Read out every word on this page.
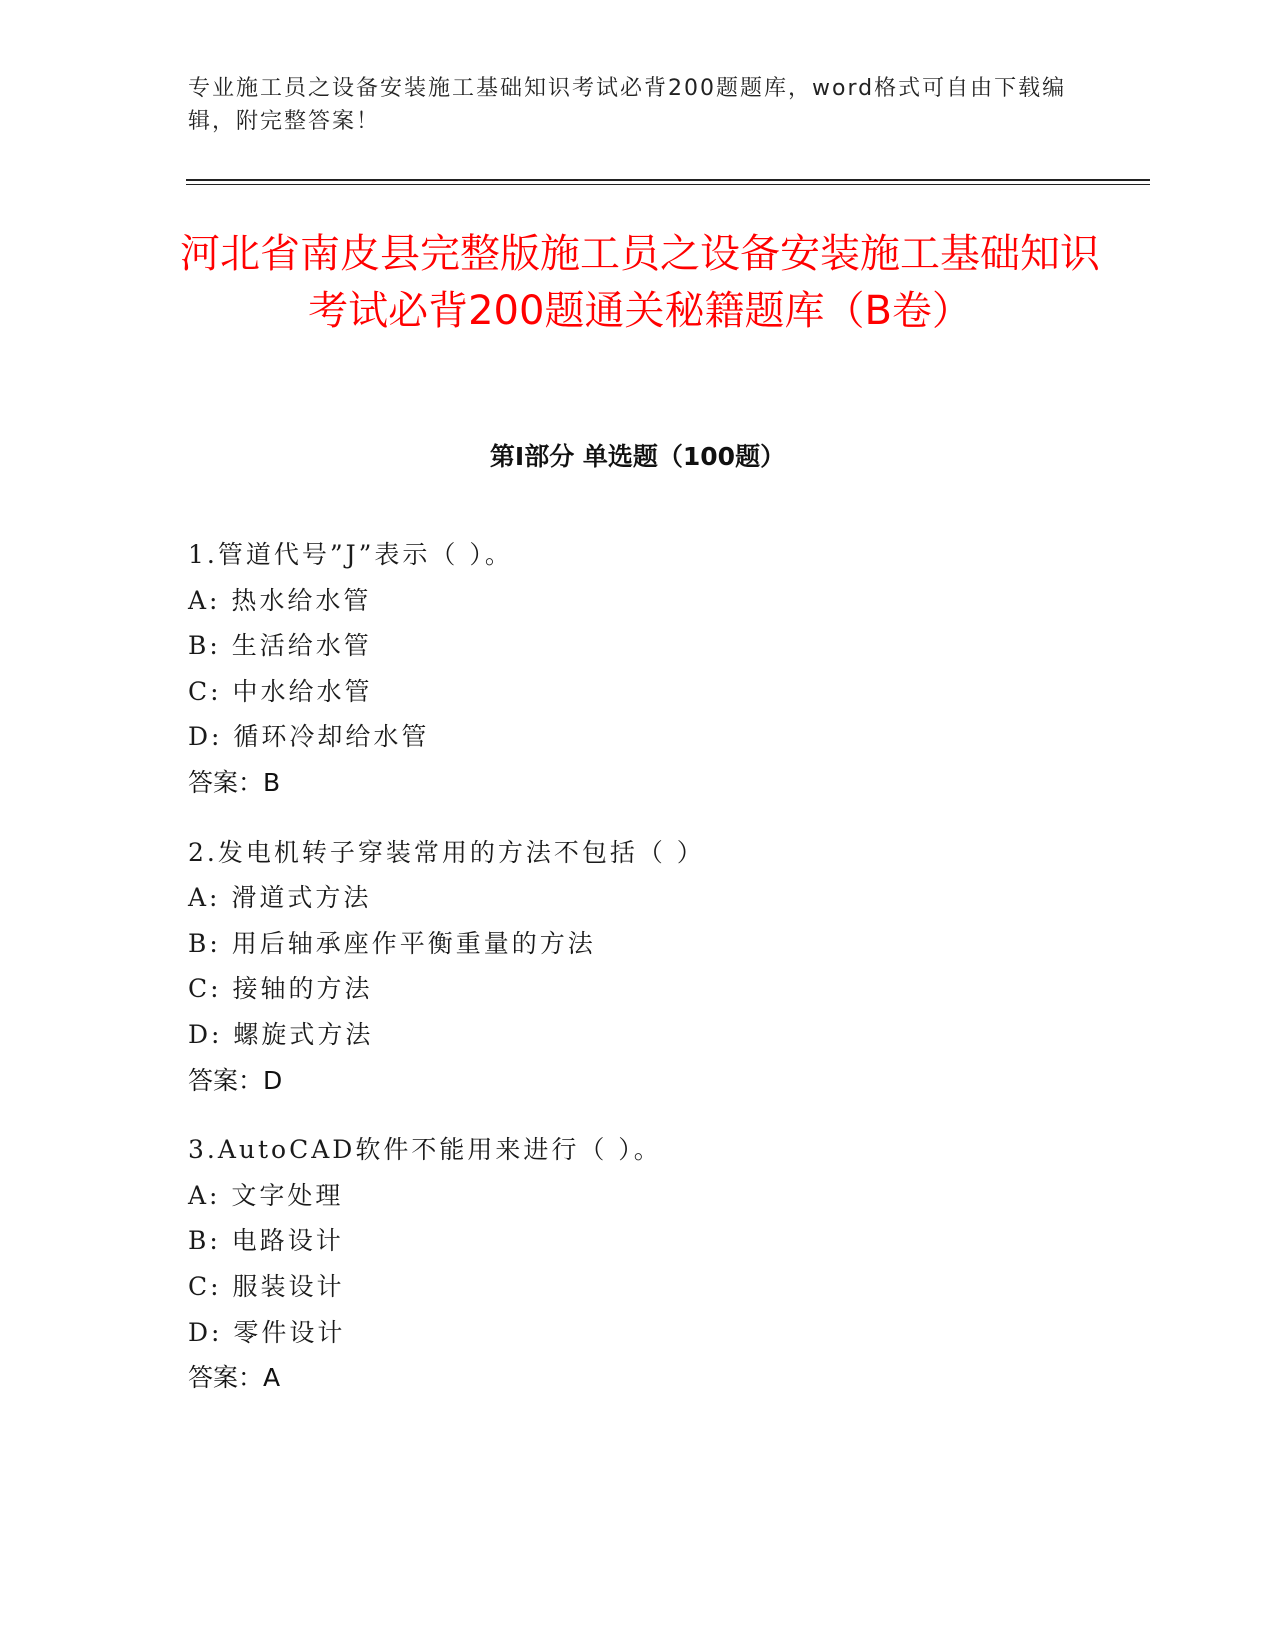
专业施工员之设备安装施工基础知识考试必背200题题库，word格式可自由下载编辑，附完整答案！
河北省南皮县完整版施工员之设备安装施工基础知识考试必背200题通关秘籍题库（B卷）
第I部分 单选题（100题）
1.管道代号”J”表示（ ）。
A: 热水给水管
B: 生活给水管
C: 中水给水管
D: 循环冷却给水管
答案：B
2.发电机转子穿装常用的方法不包括（ ）
A: 滑道式方法
B: 用后轴承座作平衡重量的方法
C: 接轴的方法
D: 螺旋式方法
答案：D
3.AutoCAD软件不能用来进行（ ）。
A: 文字处理
B: 电路设计
C: 服装设计
D: 零件设计
答案：A
